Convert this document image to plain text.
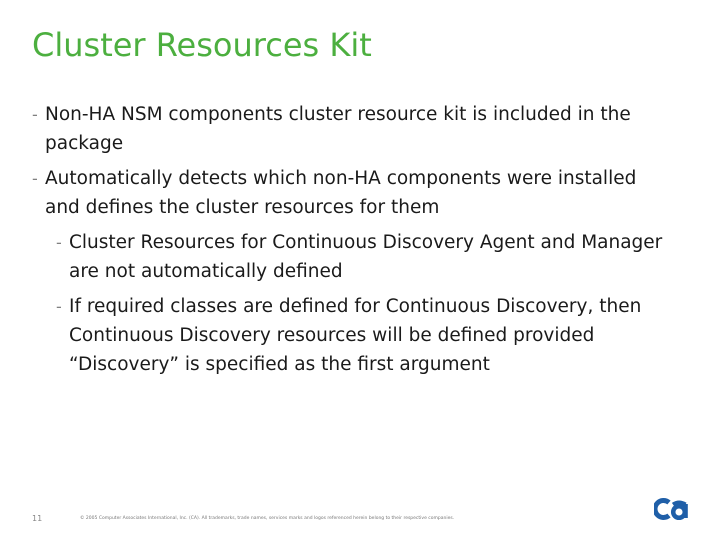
Cluster Resources Kit
- Non-HA NSM components cluster resource kit is included in the package
- Automatically detects which non-HA components were installed and defines the cluster resources for them
- Cluster Resources for Continuous Discovery Agent and Manager are not automatically defined
- If required classes are defined for Continuous Discovery, then Continuous Discovery resources will be defined provided “Discovery” is specified as the first argument
11	© 2005 Computer Associates International, Inc. (CA). All trademarks, trade names, services marks and logos referenced herein belong to their respective companies.
